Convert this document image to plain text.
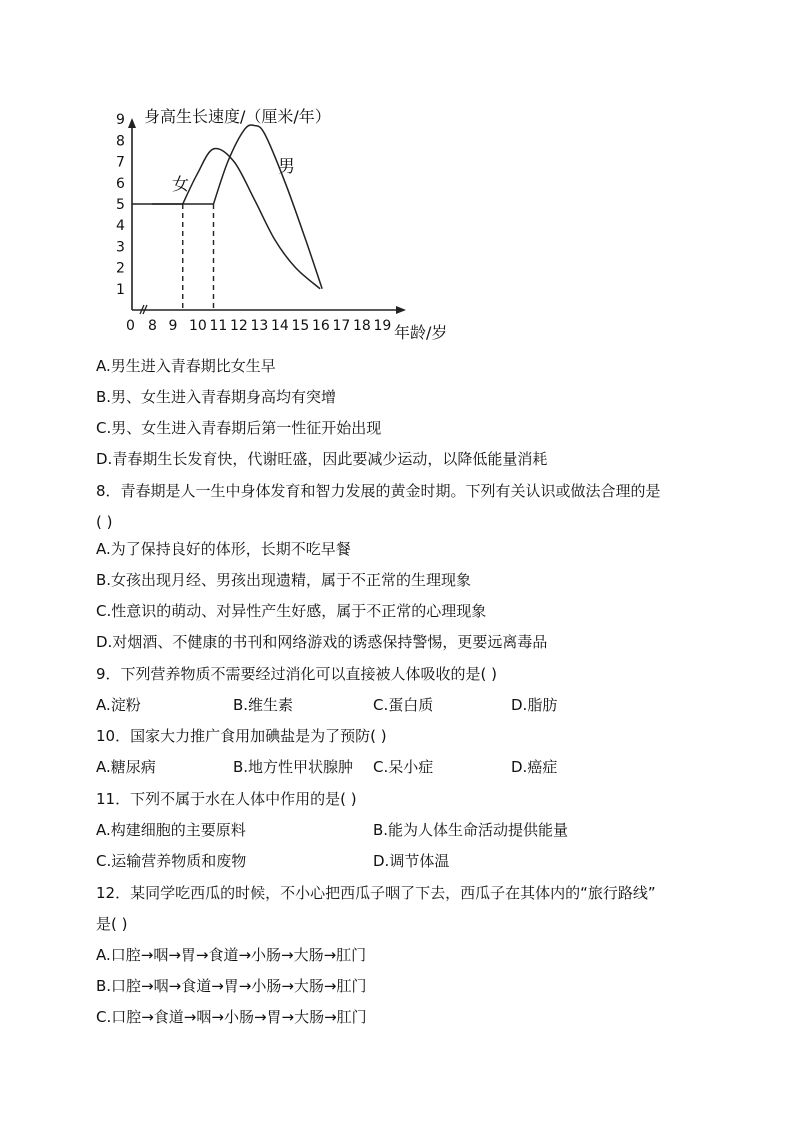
1
2
3
4
5
6
7
8
9
0 8 9 10 11 12 13 14 15 16 17 18 19
身高生长速度/（厘米/年）
年龄/岁
女
男
A.男生进入青春期比女生早
B.男、女生进入青春期身高均有突增
C.男、女生进入青春期后第一性征开始出现
D.青春期生长发育快，代谢旺盛，因此要减少运动，以降低能量消耗
8．青春期是人一生中身体发育和智力发展的黄金时期。下列有关认识或做法合理的是
( )
A.为了保持良好的体形，长期不吃早餐
B.女孩出现月经、男孩出现遗精，属于不正常的生理现象
C.性意识的萌动、对异性产生好感，属于不正常的心理现象
D.对烟酒、不健康的书刊和网络游戏的诱惑保持警惕，更要远离毒品
9．下列营养物质不需要经过消化可以直接被人体吸收的是( )
A.淀粉	B.维生素	C.蛋白质	D.脂肪
10．国家大力推广食用加碘盐是为了预防( )
A.糖尿病	B.地方性甲状腺肿 C.呆小症	D.癌症
11．下列不属于水在人体中作用的是( )
A.构建细胞的主要原料	B.能为人体生命活动提供能量
C.运输营养物质和废物	D.调节体温
12．某同学吃西瓜的时候，不小心把西瓜子咽了下去，西瓜子在其体内的“旅行路线”
是( )
A.口腔→咽→胃→食道→小肠→大肠→肛门
B.口腔→咽→食道→胃→小肠→大肠→肛门
C.口腔→食道→咽→小肠→胃→大肠→肛门
